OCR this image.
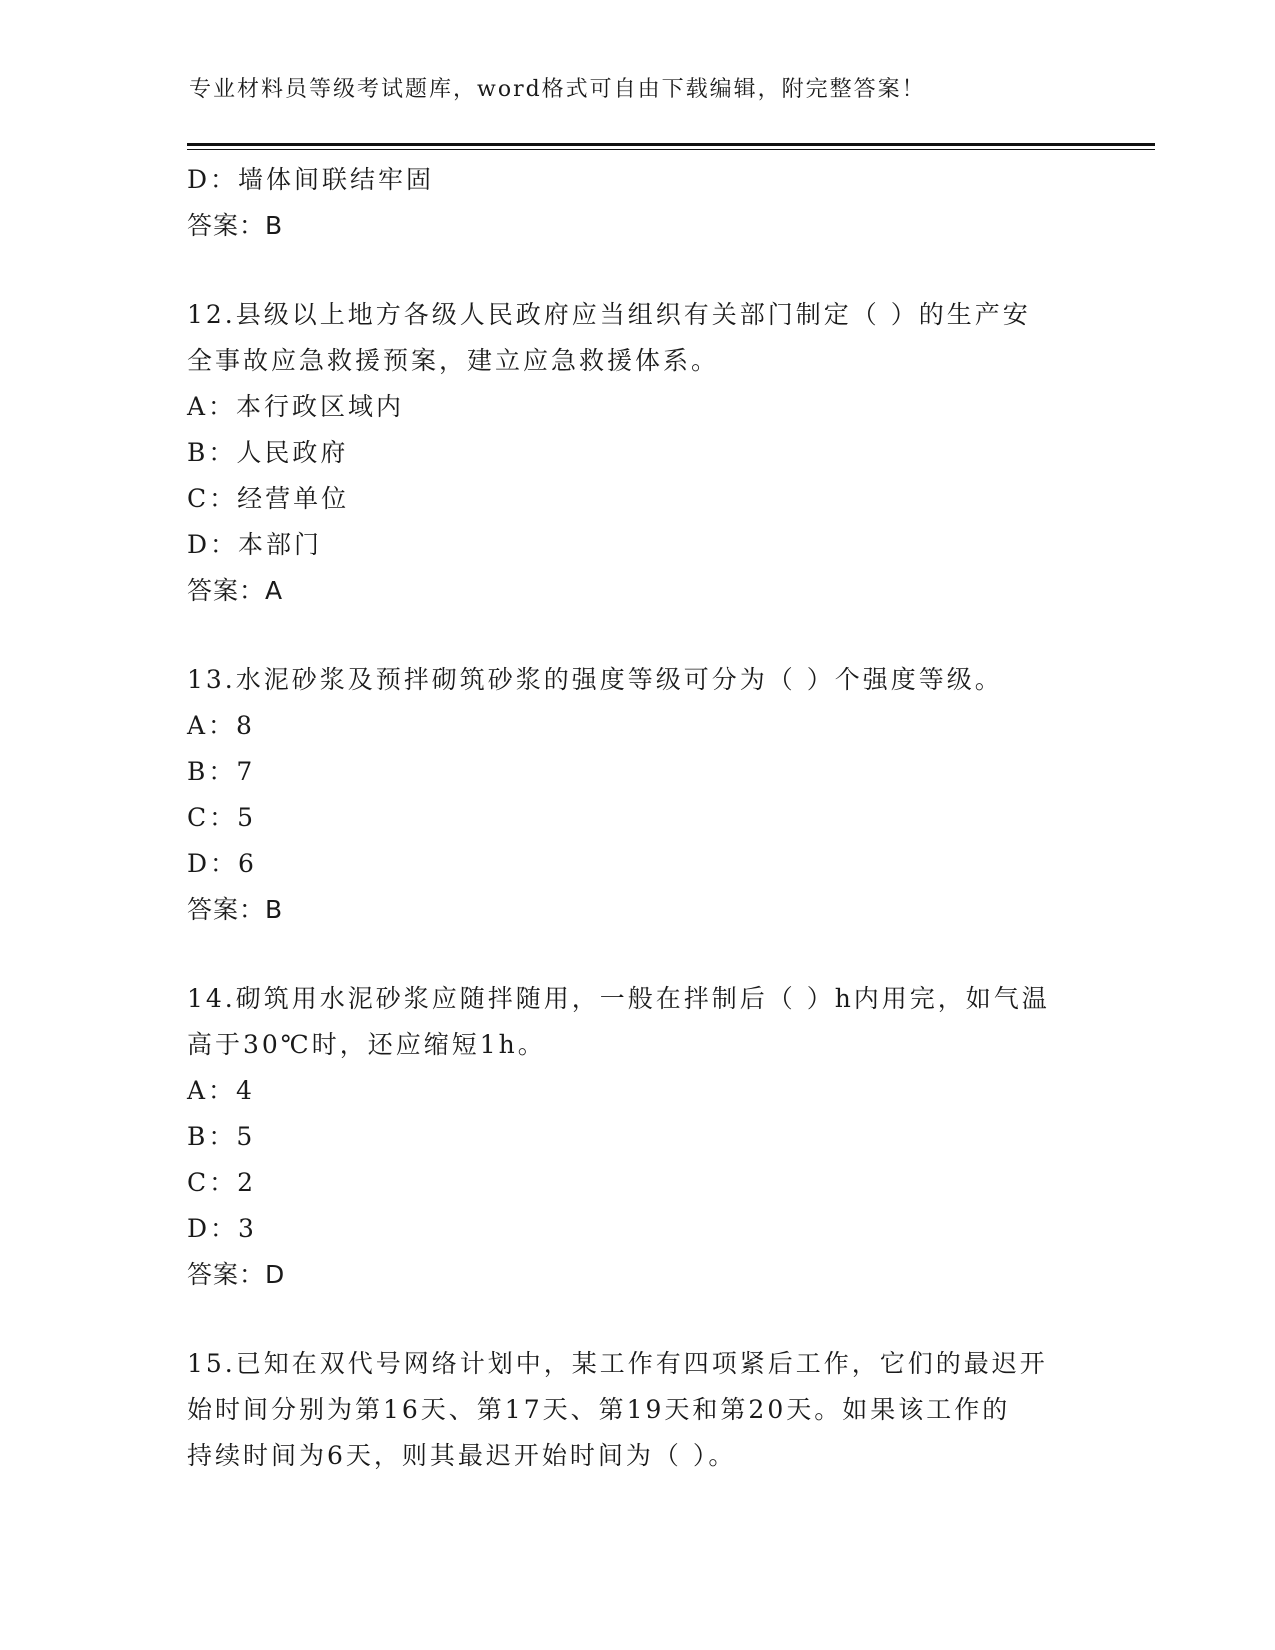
专业材料员等级考试题库，word格式可自由下载编辑，附完整答案！
D：墙体间联结牢固
答案：B
12.县级以上地方各级人民政府应当组织有关部门制定（ ）的生产安
全事故应急救援预案，建立应急救援体系。
A：本行政区域内
B：人民政府
C：经营单位
D：本部门
答案：A
13.水泥砂浆及预拌砌筑砂浆的强度等级可分为（ ）个强度等级。
A：8
B：7
C：5
D：6
答案：B
14.砌筑用水泥砂浆应随拌随用，一般在拌制后（ ）h内用完，如气温
高于30℃时，还应缩短1h。
A：4
B：5
C：2
D：3
答案：D
15.已知在双代号网络计划中，某工作有四项紧后工作，它们的最迟开
始时间分别为第16天、第17天、第19天和第20天。如果该工作的
持续时间为6天，则其最迟开始时间为（ ）。
